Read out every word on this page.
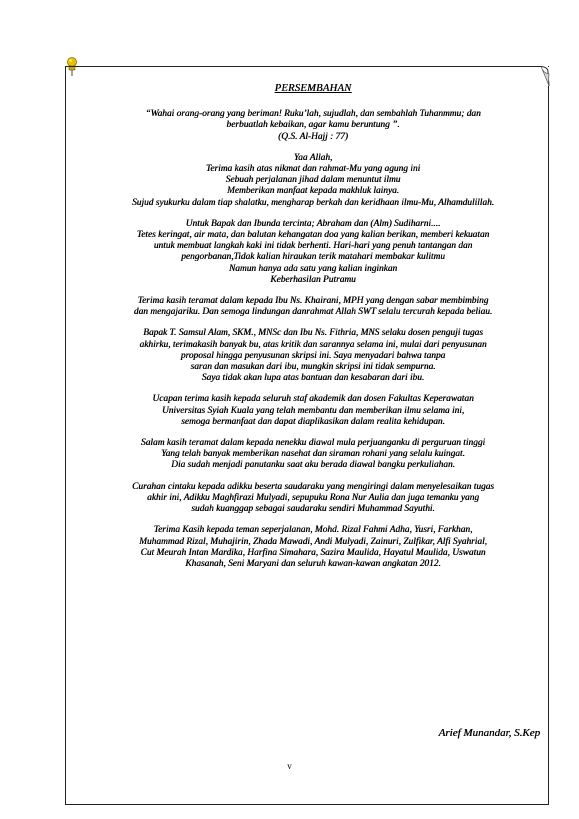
PERSEMBAHAN
“Wahai orang-orang yang beriman! Ruku’lah, sujudlah, dan sembahlah Tuhanmmu; dan
berbuatlah kebaikan, agar kamu beruntung ”.
(Q.S. Al-Hajj : 77)
Yaa Allah,
Terima kasih atas nikmat dan rahmat-Mu yang agung ini
Sebuah perjalanan jihad dalam menuntut ilmu
Memberikan manfaat kepada makhluk lainya.
Sujud syukurku dalam tiap shalatku, mengharap berkah dan keridhaan ilmu-Mu, Alhamdulillah.
Untuk Bapak dan Ibunda tercinta; Abraham dan (Alm) Sudiharni....
Tetes keringat, air mata, dan balutan kehangatan doa yang kalian berikan, memberi kekuatan
untuk membuat langkah kaki ini tidak berhenti. Hari-hari yang penuh tantangan dan
pengorbanan,Tidak kalian hiraukan terik matahari membakar kulitmu
Namun hanya ada satu yang kalian inginkan
Keberhasilan Putramu
Terima kasih teramat dalam kepada Ibu Ns. Khairani, MPH yang dengan sabar membimbing
dan mengajariku. Dan semoga lindungan danrahmat Allah SWT selalu tercurah kepada beliau.
Bapak T. Samsul Alam, SKM., MNSc dan Ibu Ns. Fithria, MNS selaku dosen penguji tugas
akhirku, terimakasih banyak bu, atas kritik dan sarannya selama ini, mulai dari penyusunan
proposal hingga penyusunan skripsi ini. Saya menyadari bahwa tanpa
saran dan masukan dari ibu, mungkin skripsi ini tidak sempurna.
Saya tidak akan lupa atas bantuan dan kesabaran dari ibu.
Ucapan terima kasih kepada seluruh staf akademik dan dosen Fakultas Keperawatan
Universitas Syiah Kuala yang telah membantu dan memberikan ilmu selama ini,
semoga bermanfaat dan dapat diaplikasikan dalam realita kehidupan.
Salam kasih teramat dalam kepada nenekku diawal mula perjuanganku di perguruan tinggi
Yang telah banyak memberikan nasehat dan siraman rohani yang selalu kuingat.
Dia sudah menjadi panutanku saat aku berada diawal bangku perkuliahan.
Curahan cintaku kepada adikku beserta saudaraku yang mengiringi dalam menyelesaikan tugas
akhir ini, Adikku Maghfirazi Mulyadi, sepupuku Rona Nur Aulia dan juga temanku yang
sudah kuanggap sebagai saudaraku sendiri Muhammad Sayuthi.
Terima Kasih kepada teman seperjalanan, Mohd. Rizal Fahmi Adha, Yusri, Farkhan,
Muhammad Rizal, Muhajirin, Zhada Mawadi, Andi Mulyadi, Zainuri, Zulfikar, Alfi Syahrial,
Cut Meurah Intan Mardika, Harfina Simahara, Sazira Maulida, Hayatul Maulida, Uswatun
Khasanah, Seni Maryani dan seluruh kawan-kawan angkatan 2012.
Arief Munandar, S.Kep
v
